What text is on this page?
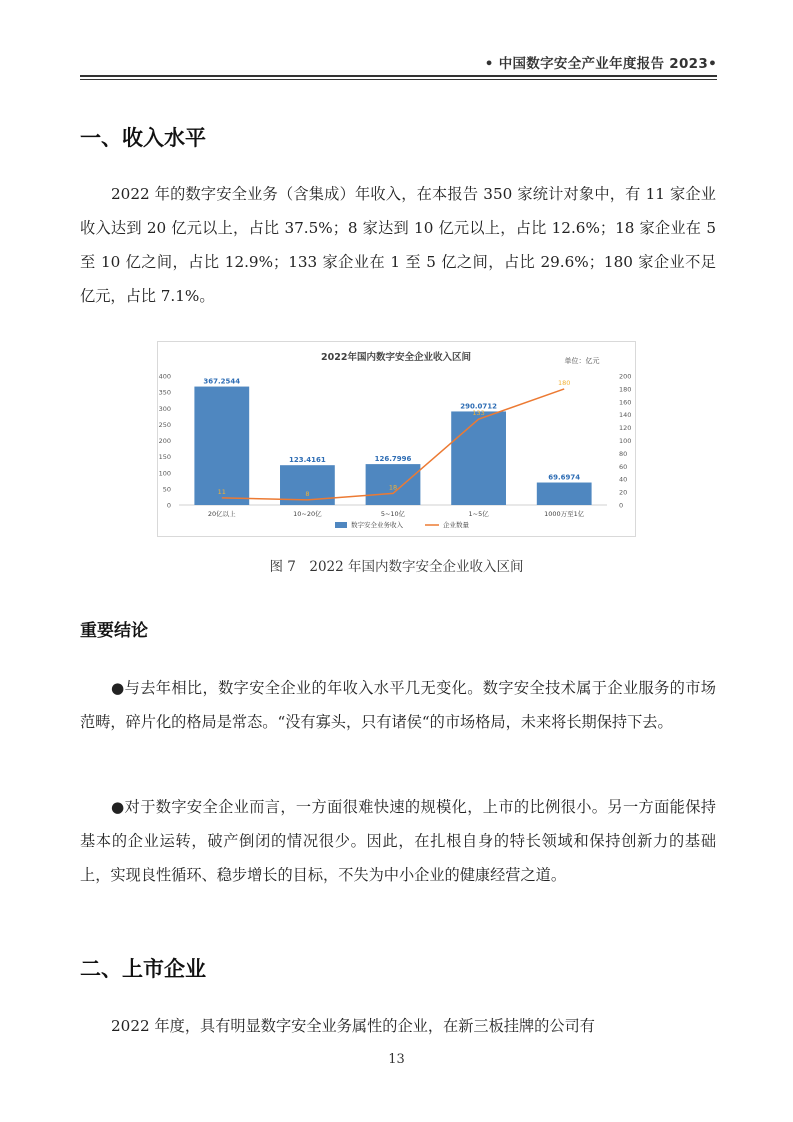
• 中国数字安全产业年度报告 2023•
一、收入水平
2022 年的数字安全业务（含集成）年收入，在本报告 350 家统计对象中，有 11 家企业收入达到 20 亿元以上，占比 37.5%；8 家达到 10 亿元以上，占比 12.6%；18 家企业在 5 至 10 亿之间，占比 12.9%；133 家企业在 1 至 5 亿之间，占比 29.6%；180 家企业不足亿元，占比 7.1%。
2022年国内数字安全企业收入区间	单位：亿元
0
50
100
150
200
250
300
350
400
0
20
40
60
80
100
120
140
160
180
200
367.2544
20亿以上
123.4161
10~20亿
126.7996
5~10亿
290.0712
1~5亿
69.6974
1000万至1亿
11	8
18
133
180
数字安全业务收入	企业数量
图 7　2022 年国内数字安全企业收入区间
重要结论
●与去年相比，数字安全企业的年收入水平几无变化。数字安全技术属于企业服务的市场范畴，碎片化的格局是常态。“没有寡头，只有诸侯“的市场格局，未来将长期保持下去。
●对于数字安全企业而言，一方面很难快速的规模化，上市的比例很小。另一方面能保持基本的企业运转，破产倒闭的情况很少。因此，在扎根自身的特长领域和保持创新力的基础上，实现良性循环、稳步增长的目标，不失为中小企业的健康经营之道。
二、上市企业
2022 年度，具有明显数字安全业务属性的企业，在新三板挂牌的公司有
13
